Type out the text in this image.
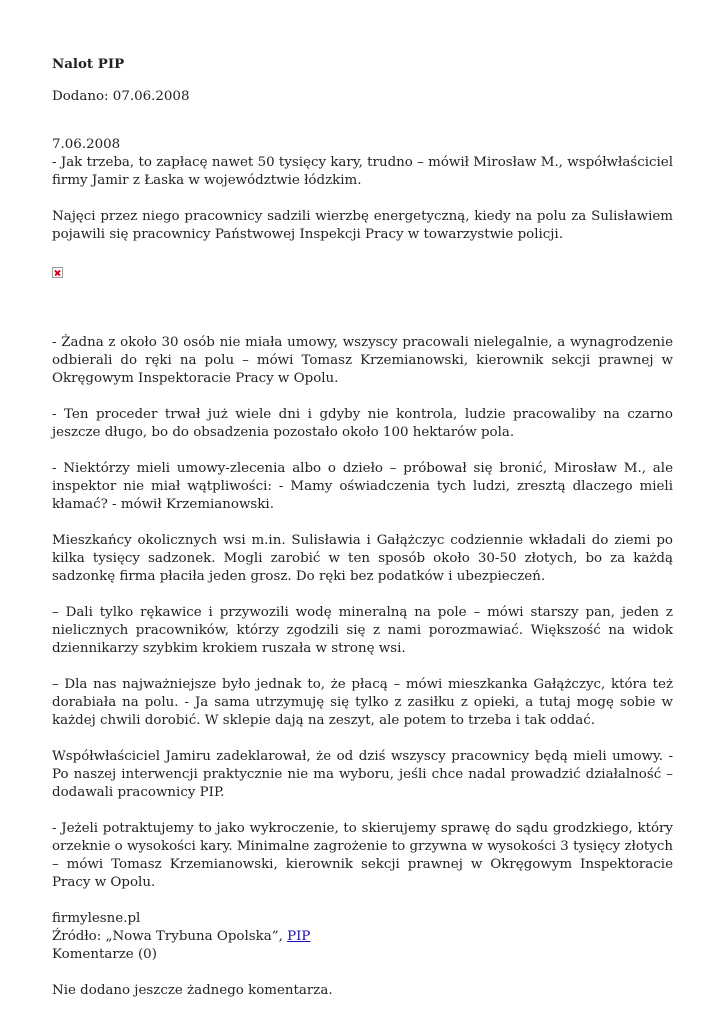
Nalot PIP

Dodano: 07.06.2008

7.06.2008

- Jak trzeba, to zapłacę nawet 50 tysięcy kary, trudno – mówił Mirosław M., współwłaściciel firmy Jamir z Łaska w województwie łódzkim.

Najęci przez niego pracownicy sadzili wierzbę energetyczną, kiedy na polu za Sulisławiem pojawili się pracownicy Państwowej Inspekcji Pracy w towarzystwie policji.

- Żadna z około 30 osób nie miała umowy, wszyscy pracowali nielegalnie, a wynagrodzenie odbierali do ręki na polu – mówi Tomasz Krzemianowski, kierownik sekcji prawnej w Okręgowym Inspektoracie Pracy w Opolu.

- Ten proceder trwał już wiele dni i gdyby nie kontrola, ludzie pracowaliby na czarno jeszcze długo, bo do obsadzenia pozostało około 100 hektarów pola.

- Niektórzy mieli umowy-zlecenia albo o dzieło – próbował się bronić, Mirosław M., ale inspektor nie miał wątpliwości: - Mamy oświadczenia tych ludzi, zresztą dlaczego mieli kłamać? - mówił Krzemianowski.

Mieszkańcy okolicznych wsi m.in. Sulisławia i Gałążczyc codziennie wkładali do ziemi po kilka tysięcy sadzonek. Mogli zarobić w ten sposób około 30-50 złotych, bo za każdą sadzonkę firma płaciła jeden grosz. Do ręki bez podatków i ubezpieczeń.

– Dali tylko rękawice i przywozili wodę mineralną na pole – mówi starszy pan, jeden z nielicznych pracowników, którzy zgodzili się z nami porozmawiać. Większość na widok dziennikarzy szybkim krokiem ruszała w stronę wsi.

– Dla nas najważniejsze było jednak to, że płacą – mówi mieszkanka Gałążczyc, która też dorabiała na polu. - Ja sama utrzymuję się tylko z zasiłku z opieki, a tutaj mogę sobie w każdej chwili dorobić. W sklepie dają na zeszyt, ale potem to trzeba i tak oddać.

Współwłaściciel Jamiru zadeklarował, że od dziś wszyscy pracownicy będą mieli umowy. - Po naszej interwencji praktycznie nie ma wyboru, jeśli chce nadal prowadzić działalność – dodawali pracownicy PIP.

- Jeżeli potraktujemy to jako wykroczenie, to skierujemy sprawę do sądu grodzkiego, który orzeknie o wysokości kary. Minimalne zagrożenie to grzywna w wysokości 3 tysięcy złotych – mówi Tomasz Krzemianowski, kierownik sekcji prawnej w Okręgowym Inspektoracie Pracy w Opolu.

firmylesne.pl

Źródło: „Nowa Trybuna Opolska”, PIP

Komentarze (0)

Nie dodano jeszcze żadnego komentarza.
